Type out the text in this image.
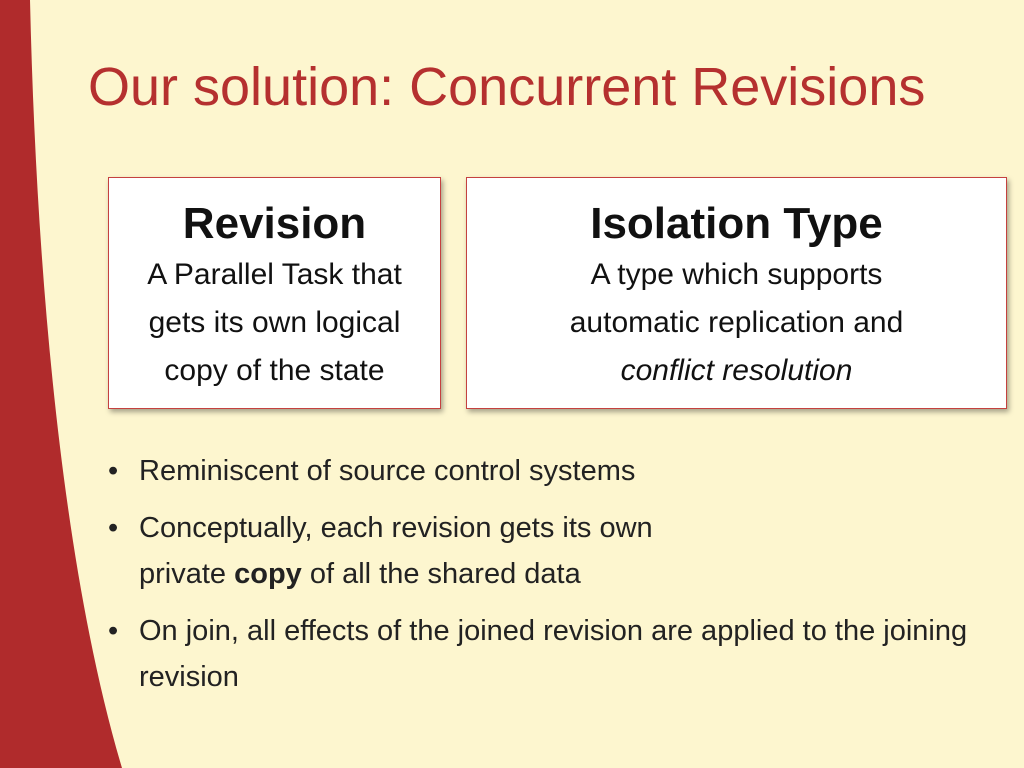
Our solution: Concurrent Revisions
Revision
A Parallel Task that
gets its own logical
copy of the state
Isolation Type
A type which supports
automatic replication and
conflict resolution
• Reminiscent of source control systems
• Conceptually, each revision gets its own
private copy of all the shared data
• On join, all effects of the joined revision are applied to the joining revision
